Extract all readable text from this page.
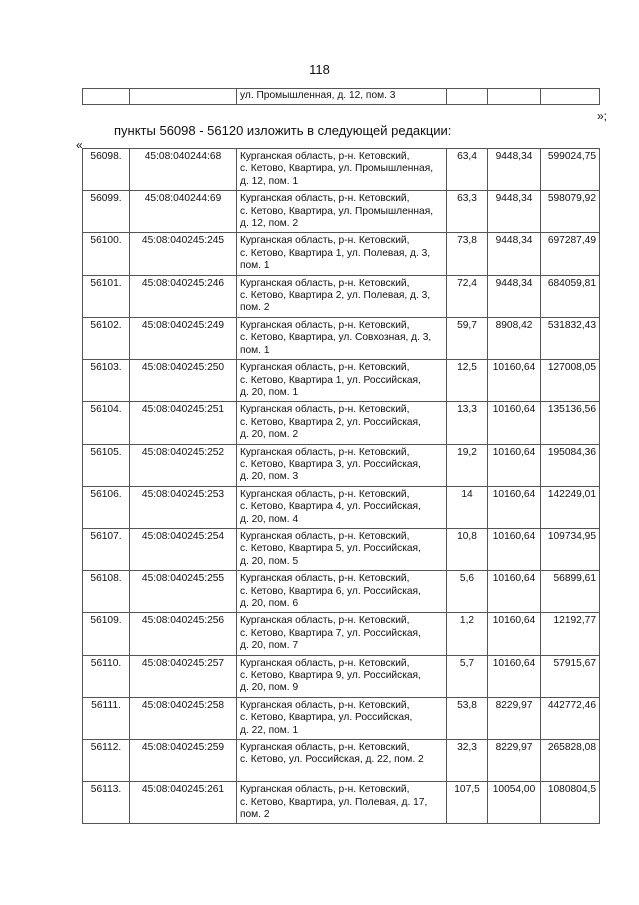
118
		ул. Промышленная, д. 12, пом. 3			
»;
пункты 56098 - 56120 изложить в следующей редакции:
«
56098.	45:08:040244:68	Курганская область, р-н. Кетовский,
с. Кетово, Квартира, ул. Промышленная,
д. 12, пом. 1	63,4	9448,34	599024,75
56099.	45:08:040244:69	Курганская область, р-н. Кетовский,
с. Кетово, Квартира, ул. Промышленная,
д. 12, пом. 2	63,3	9448,34	598079,92
56100.	45:08:040245:245	Курганская область, р-н. Кетовский,
с. Кетово, Квартира 1, ул. Полевая, д. 3,
пом. 1	73,8	9448,34	697287,49
56101.	45:08:040245:246	Курганская область, р-н. Кетовский,
с. Кетово, Квартира 2, ул. Полевая, д. 3,
пом. 2	72,4	9448,34	684059,81
56102.	45:08:040245:249	Курганская область, р-н. Кетовский,
с. Кетово, Квартира, ул. Совхозная, д. 3,
пом. 1	59,7	8908,42	531832,43
56103.	45:08:040245:250	Курганская область, р-н. Кетовский,
с. Кетово, Квартира 1, ул. Российская,
д. 20, пом. 1	12,5	10160,64	127008,05
56104.	45:08:040245:251	Курганская область, р-н. Кетовский,
с. Кетово, Квартира 2, ул. Российская,
д. 20, пом. 2	13,3	10160,64	135136,56
56105.	45:08:040245:252	Курганская область, р-н. Кетовский,
с. Кетово, Квартира 3, ул. Российская,
д. 20, пом. 3	19,2	10160,64	195084,36
56106.	45:08:040245:253	Курганская область, р-н. Кетовский,
с. Кетово, Квартира 4, ул. Российская,
д. 20, пом. 4	14	10160,64	142249,01
56107.	45:08:040245:254	Курганская область, р-н. Кетовский,
с. Кетово, Квартира 5, ул. Российская,
д. 20, пом. 5	10,8	10160,64	109734,95
56108.	45:08:040245:255	Курганская область, р-н. Кетовский,
с. Кетово, Квартира 6, ул. Российская,
д. 20, пом. 6	5,6	10160,64	56899,61
56109.	45:08:040245:256	Курганская область, р-н. Кетовский,
с. Кетово, Квартира 7, ул. Российская,
д. 20, пом. 7	1,2	10160,64	12192,77
56110.	45:08:040245:257	Курганская область, р-н. Кетовский,
с. Кетово, Квартира 9, ул. Российская,
д. 20, пом. 9	5,7	10160,64	57915,67
56111.	45:08:040245:258	Курганская область, р-н. Кетовский,
с. Кетово, Квартира, ул. Российская,
д. 22, пом. 1	53,8	8229,97	442772,46
56112.	45:08:040245:259	Курганская область, р-н. Кетовский,
с. Кетово, ул. Российская, д. 22, пом. 2	32,3	8229,97	265828,08
56113.	45:08:040245:261	Курганская область, р-н. Кетовский,
с. Кетово, Квартира, ул. Полевая, д. 17,
пом. 2	107,5	10054,00	1080804,5
